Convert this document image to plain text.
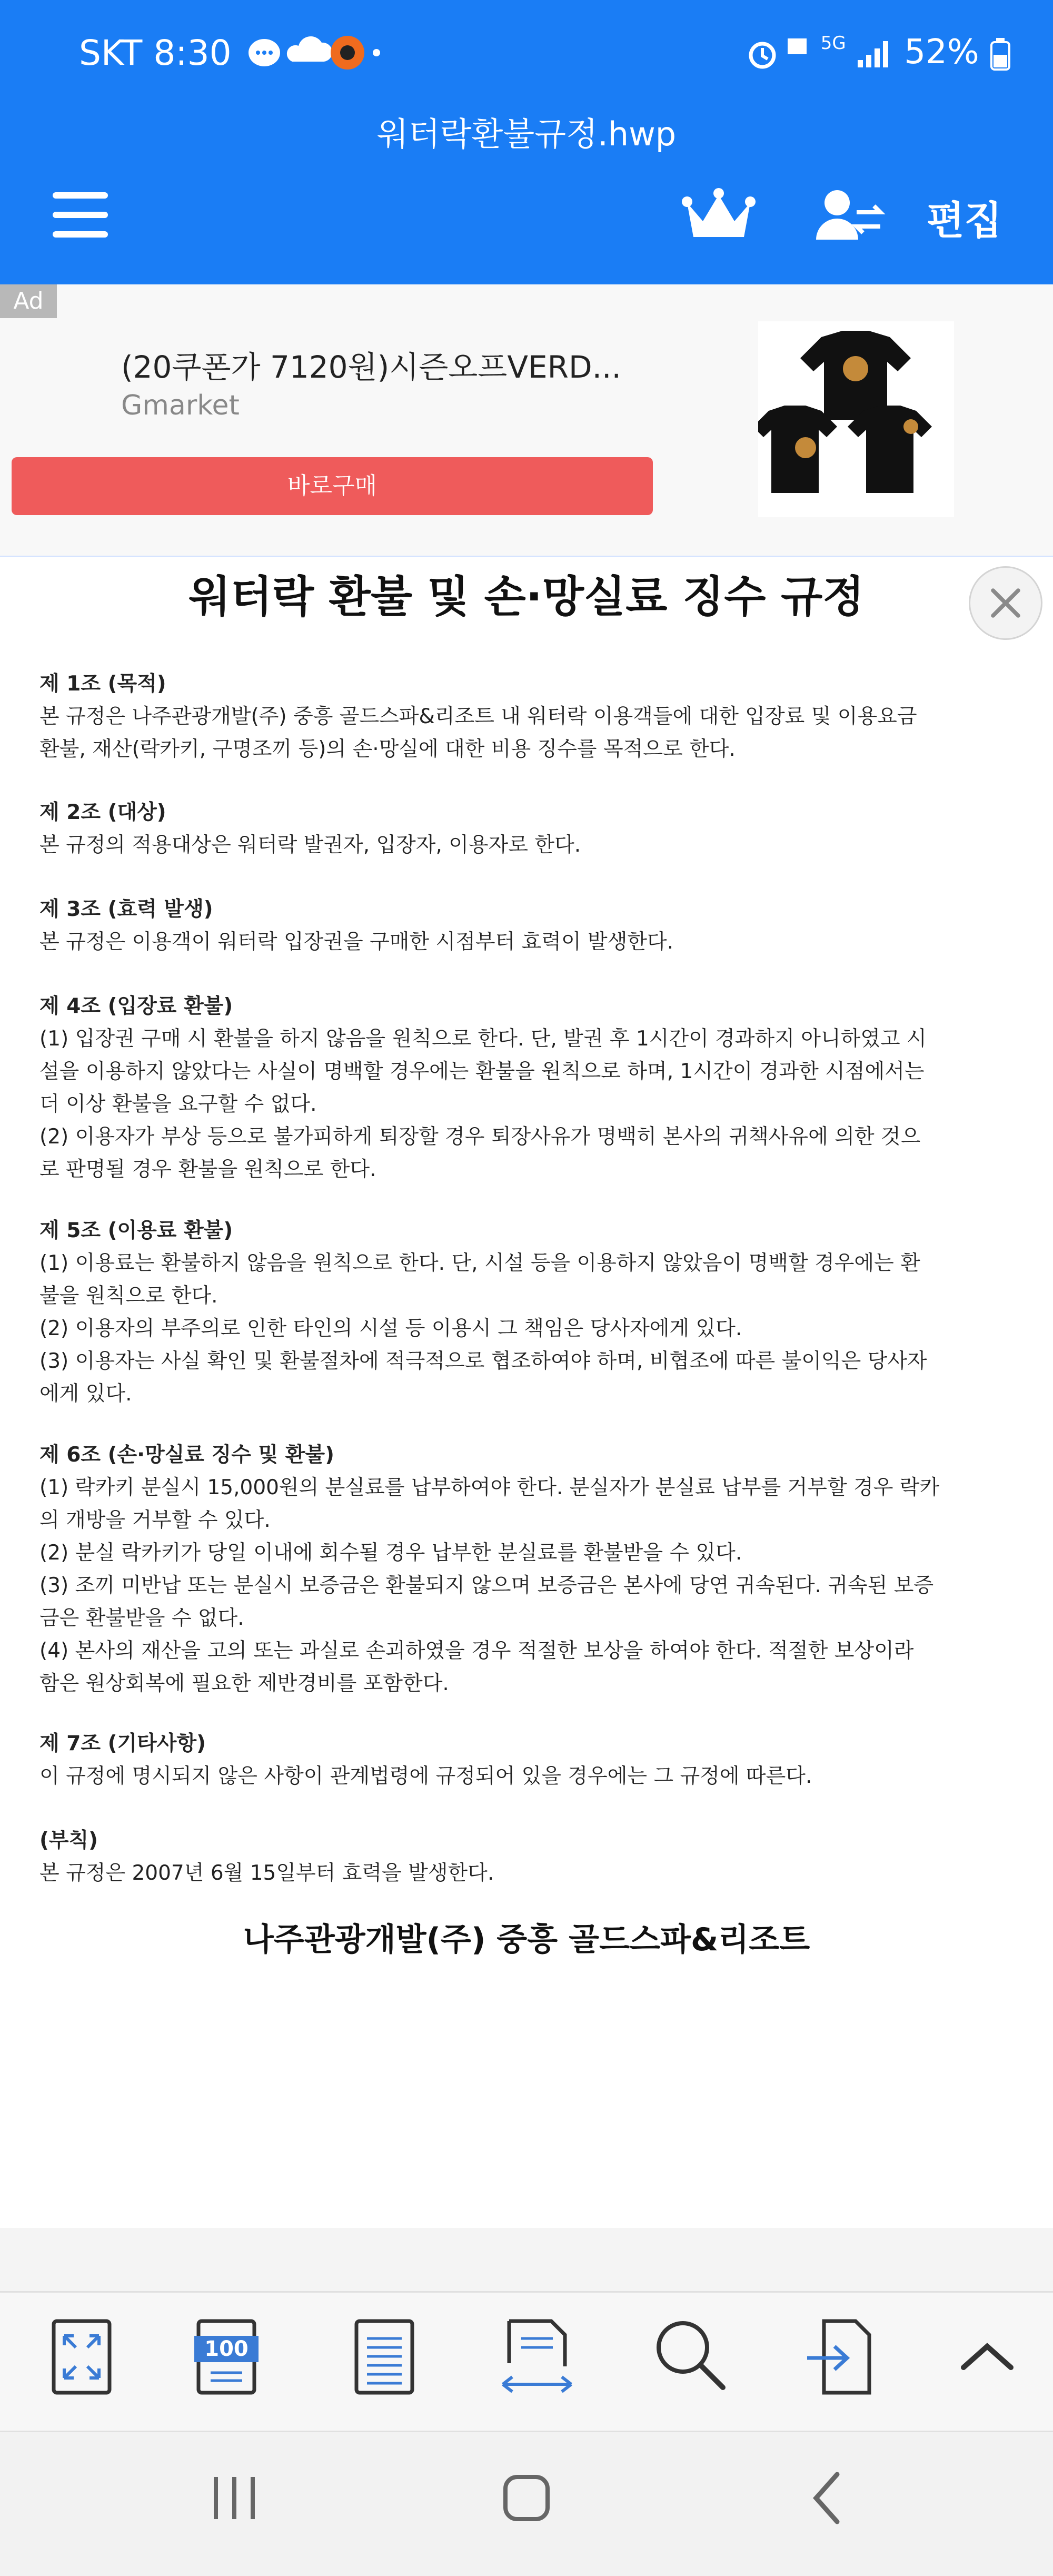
SKT 8:30	$^{5G}$ 52%
워터락환불규정.hwp
편집
Ad
(20쿠폰가 7120원)시즌오프VERD...
Gmarket
바로구매
워터락 환불 및 손·망실료 징수 규정
제 1조 (목적)
본 규정은 나주관광개발(주) 중흥 골드스파&리조트 내 워터락 이용객들에 대한 입장료 및 이용요금
환불, 재산(락카키, 구명조끼 등)의 손·망실에 대한 비용 징수를 목적으로 한다.
제 2조 (대상)
본 규정의 적용대상은 워터락 발권자, 입장자, 이용자로 한다.
제 3조 (효력 발생)
본 규정은 이용객이 워터락 입장권을 구매한 시점부터 효력이 발생한다.
제 4조 (입장료 환불)
(1) 입장권 구매 시 환불을 하지 않음을 원칙으로 한다. 단, 발권 후 1시간이 경과하지 아니하였고 시
설을 이용하지 않았다는 사실이 명백할 경우에는 환불을 원칙으로 하며, 1시간이 경과한 시점에서는
더 이상 환불을 요구할 수 없다.
(2) 이용자가 부상 등으로 불가피하게 퇴장할 경우 퇴장사유가 명백히 본사의 귀책사유에 의한 것으
로 판명될 경우 환불을 원칙으로 한다.
제 5조 (이용료 환불)
(1) 이용료는 환불하지 않음을 원칙으로 한다. 단, 시설 등을 이용하지 않았음이 명백할 경우에는 환
불을 원칙으로 한다.
(2) 이용자의 부주의로 인한 타인의 시설 등 이용시 그 책임은 당사자에게 있다.
(3) 이용자는 사실 확인 및 환불절차에 적극적으로 협조하여야 하며, 비협조에 따른 불이익은 당사자
에게 있다.
제 6조 (손·망실료 징수 및 환불)
(1) 락카키 분실시 15,000원의 분실료를 납부하여야 한다. 분실자가 분실료 납부를 거부할 경우 락카
의 개방을 거부할 수 있다.
(2) 분실 락카키가 당일 이내에 회수될 경우 납부한 분실료를 환불받을 수 있다.
(3) 조끼 미반납 또는 분실시 보증금은 환불되지 않으며 보증금은 본사에 당연 귀속된다. 귀속된 보증
금은 환불받을 수 없다.
(4) 본사의 재산을 고의 또는 과실로 손괴하였을 경우 적절한 보상을 하여야 한다. 적절한 보상이라
함은 원상회복에 필요한 제반경비를 포함한다.
제 7조 (기타사항)
이 규정에 명시되지 않은 사항이 관계법령에 규정되어 있을 경우에는 그 규정에 따른다.
(부칙)
본 규정은 2007년 6월 15일부터 효력을 발생한다.
나주관광개발(주) 중흥 골드스파&리조트
100
